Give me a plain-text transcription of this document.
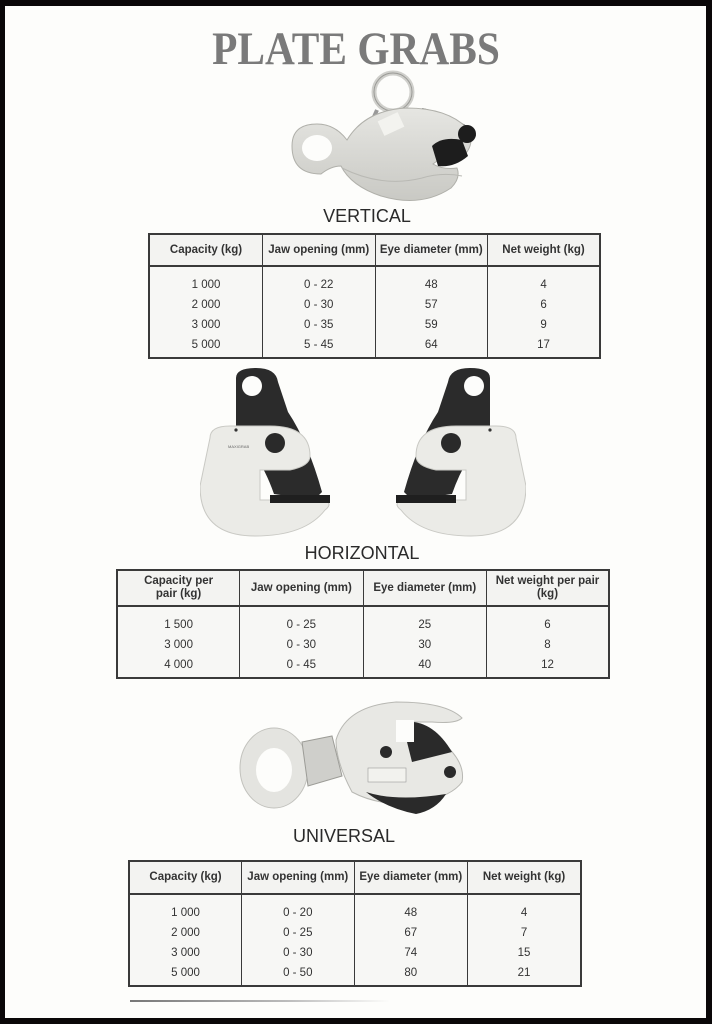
PLATE GRABS
VERTICAL
Capacity (kg)	Jaw opening (mm)	Eye diameter (mm)	Net weight (kg)
1 000	0 - 22	48	4
2 000	0 - 30	57	6
3 000	0 - 35	59	9
5 000	5 - 45	64	17
MAXIGRAB
HORIZONTAL
Capacity per pair (kg)	Jaw opening (mm)	Eye diameter (mm)	Net weight per pair (kg)
1 500	0 - 25	25	6
3 000	0 - 30	30	8
4 000	0 - 45	40	12
UNIVERSAL
Capacity (kg)	Jaw opening (mm)	Eye diameter (mm)	Net weight (kg)
1 000	0 - 20	48	4
2 000	0 - 25	67	7
3 000	0 - 30	74	15
5 000	0 - 50	80	21
